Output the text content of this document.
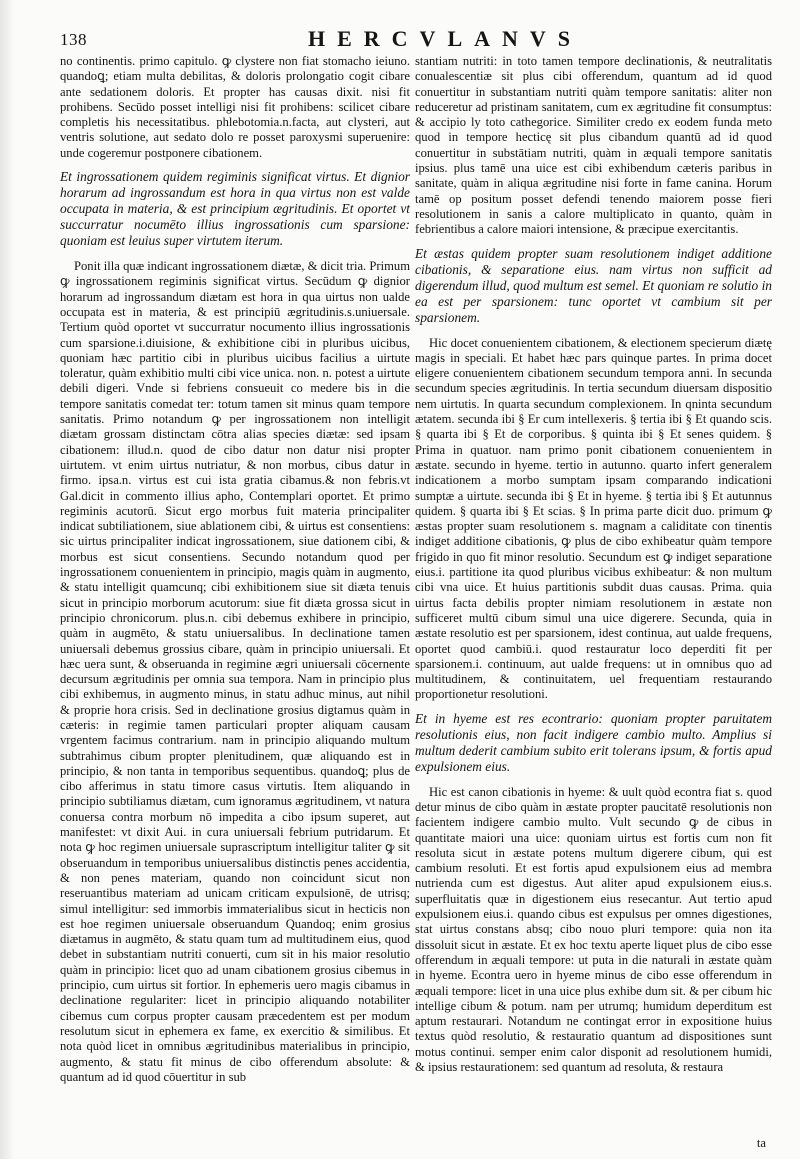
138	HERCVLANVS

no continentis. primo capitulo. ꝙ clystere non fiat stomacho ieiuno. quandoꝗ; etiam multa debilitas, & doloris prolongatio cogit cibare ante sedationem doloris. Et propter has causas dixit. nisi fit prohibens. Secūdo posset intelligi nisi fit prohibens: scilicet cibare completis his necessitatibus. phlebotomia.n.facta, aut clysteri, aut ventris solutione, aut sedato dolo re posset paroxysmi superuenire: unde cogeremur postponere cibationem.

Et ingrossationem quidem regiminis significat virtus. Et dignior horarum ad ingrossandum est hora in qua virtus non est valde occupata in materia, & est principium ægritudinis. Et oportet vt succurratur nocumēto illius ingrossationis cum sparsione: quoniam est leuius super virtutem iterum.

Ponit illa quæ indicant ingrossationem diætæ, & dicit tria. Primum ꝙ ingrossationem regiminis significat virtus. Secūdum ꝙ dignior horarum ad ingrossandum diætam est hora in qua uirtus non ualde occupata est in materia, & est principiū ægritudinis.s.uniuersale. Tertium quòd oportet vt succurratur nocumento illius ingrossationis cum sparsione.i.diuisione, & exhibitione cibi in pluribus uicibus, quoniam hæc partitio cibi in pluribus uicibus facilius a uirtute toleratur, quàm exhibitio multi cibi vice unica. non. n. potest a uirtute debili digeri. Vnde si febriens consueuit co medere bis in die tempore sanitatis comedat ter: totum tamen sit minus quam tempore sanitatis. Primo notandum ꝙ per ingrossationem non intelligit diætam grossam distinctam cōtra alias species diætæ: sed ipsam cibationem: illud.n. quod de cibo datur non datur nisi propter uirtutem. vt enim uirtus nutriatur, & non morbus, cibus datur in firmo. ipsa.n. virtus est cui ista gratia cibamus.& non febris.vt Gal.dicit in commento illius apho, Contemplari oportet. Et primo regiminis acutorū. Sicut ergo morbus fuit materia principaliter indicat subtiliationem, siue ablationem cibi, & uirtus est consentiens: sic uirtus principaliter indicat ingrossationem, siue dationem cibi, & morbus est sicut consentiens. Secundo notandum quod per ingrossationem conuenientem in principio, magis quàm in augmento, & statu intelligit quamcunq; cibi exhibitionem siue sit diæta tenuis sicut in principio morborum acutorum: siue fit diæta grossa sicut in principio chronicorum. plus.n. cibi debemus exhibere in principio, quàm in augmēto, & statu uniuersalibus. In declinatione tamen uniuersali debemus grossius cibare, quàm in principio uniuersali. Et hæc uera sunt, & obseruanda in regimine ægri uniuersali cōcernente decursum ægritudinis per omnia sua tempora. Nam in principio plus cibi exhibemus, in augmento minus, in statu adhuc minus, aut nihil & proprie hora crisis. Sed in declinatione grosius digtamus quàm in cæteris: in regimie tamen particulari propter aliquam causam vrgentem facimus contrarium. nam in principio aliquando multum subtrahimus cibum propter plenitudinem, quæ aliquando est in principio, & non tanta in temporibus sequentibus. quandoꝗ; plus de cibo afferimus in statu timore casus virtutis. Item aliquando in principio subtiliamus diætam, cum ignoramus ægritudinem, vt natura conuersa contra morbum nō impedita a cibo ipsum superet, aut manifestet: vt dixit Aui. in cura uniuersali febrium putridarum. Et nota ꝙ hoc regimen uniuersale suprascriptum intelligitur taliter ꝙ sit obseruandum in temporibus uniuersalibus distinctis penes accidentia, & non penes materiam, quando non coincidunt sicut non reseruantibus materiam ad unicam criticam expulsionē, de utrisq; simul intelligitur: sed immorbis immaterialibus sicut in hecticis non est hoe regimen uniuersale obseruandum Quandoq; enim grosius diætamus in augmēto, & statu quam tum ad multitudinem eius, quod debet in substantiam nutriti conuerti, cum sit in his maior resolutio quàm in principio: licet quo ad unam cibationem grosius cibemus in principio, cum uirtus sit fortior. In ephemeris uero magis cibamus in declinatione regulariter: licet in principio aliquando notabiliter cibemus cum corpus propter causam præcedentem est per modum resolutum sicut in ephemera ex fame, ex exercitio & similibus. Et nota quòd licet in omnibus ægritudinibus materialibus in principio, augmento, & statu fit minus de cibo offerendum absolute: & quantum ad id quod cōuertitur in sub

stantiam nutriti: in toto tamen tempore declinationis, & neutralitatis conualescentiæ sit plus cibi offerendum, quantum ad id quod conuertitur in substantiam nutriti quàm tempore sanitatis: aliter non reduceretur ad pristinam sanitatem, cum ex ægritudine fit consumptus: & accipio ly toto cathegorice. Similiter credo ex eodem funda meto quod in tempore hecticę sit plus cibandum quantū ad id quod conuertitur in substātiam nutriti, quàm in æquali tempore sanitatis ipsius. plus tamē una uice est cibi exhibendum cæteris paribus in sanitate, quàm in aliqua ægritudine nisi forte in fame canina. Horum tamē op positum posset defendi tenendo maiorem posse fieri resolutionem in sanis a calore multiplicato in quanto, quàm in febrientibus a calore maiori intensione, & præcipue exercitantis.

Et æstas quidem propter suam resolutionem indiget additione cibationis, & separatione eius. nam virtus non sufficit ad digerendum illud, quod multum est semel. Et quoniam re solutio in ea est per sparsionem: tunc oportet vt cambium sit per sparsionem.

Hic docet conuenientem cibationem, & electionem specierum diætę magis in speciali. Et habet hæc pars quinque partes. In prima docet eligere conuenientem cibationem secundum tempora anni. In secunda secundum species ægritudinis. In tertia secundum diuersam dispositio nem uirtutis. In quarta secundum complexionem. In qninta secundum ætatem. secunda ibi § Er cum intellexeris. § tertia ibi § Et quando scis. § quarta ibi § Et de corporibus. § quinta ibi § Et senes quidem. § Prima in quatuor. nam primo ponit cibationem conuenientem in æstate. secundo in hyeme. tertio in autunno. quarto infert generalem indicationem a morbo sumptam ipsam comparando indicationi sumptæ a uirtute. secunda ibi § Et in hyeme. § tertia ibi § Et autunnus quidem. § quarta ibi § Et scias. § In prima parte dicit duo. primum ꝙ æstas propter suam resolutionem s. magnam a caliditate con tinentis indiget additione cibationis, ꝙ plus de cibo exhibeatur quàm tempore frigido in quo fit minor resolutio. Secundum est ꝙ indiget separatione eius.i. partitione ita quod pluribus vicibus exhibeatur: & non multum cibi vna uice. Et huius partitionis subdit duas causas. Prima. quia uirtus facta debilis propter nimiam resolutionem in æstate non sufficeret multū cibum simul una uice digerere. Secunda, quia in æstate resolutio est per sparsionem, idest continua, aut ualde frequens, oportet quod cambiū.i. quod restauratur loco deperditi fit per sparsionem.i. continuum, aut ualde frequens: ut in omnibus quo ad multitudinem, & continuitatem, uel frequentiam restaurando proportionetur resolutioni.

Et in hyeme est res econtrario: quoniam propter paruitatem resolutionis eius, non facit indigere cambio multo. Amplius si multum dederit cambium subito erit tolerans ipsum, & fortis apud expulsionem eius.

Hic est canon cibationis in hyeme: & uult quòd econtra fiat s. quod detur minus de cibo quàm in æstate propter paucitatē resolutionis non facientem indigere cambio multo. Vult secundo ꝙ de cibus in quantitate maiori una uice: quoniam uirtus est fortis cum non fit resoluta sicut in æstate potens multum digerere cibum, qui est cambium resoluti. Et est fortis apud expulsionem eius ad membra nutrienda cum est digestus. Aut aliter apud expulsionem eius.s. superfluitatis quæ in digestionem eius resecantur. Aut tertio apud expulsionem eius.i. quando cibus est expulsus per omnes digestiones, stat uirtus constans absq; cibo nouo pluri tempore: quia non ita dissoluit sicut in æstate. Et ex hoc textu aperte liquet plus de cibo esse offerendum in æquali tempore: ut puta in die naturali in æstate quàm in hyeme. Econtra uero in hyeme minus de cibo esse offerendum in æquali tempore: licet in una uice plus exhibe dum sit. & per cibum hic intellige cibum & potum. nam per utrumq; humidum deperditum est aptum restaurari. Notandum ne contingat error in expositione huius textus quòd resolutio, & restauratio quantum ad dispositiones sunt motus continui. semper enim calor disponit ad resolutionem humidi, & ipsius restaurationem: sed quantum ad resoluta, & restaura

ta
